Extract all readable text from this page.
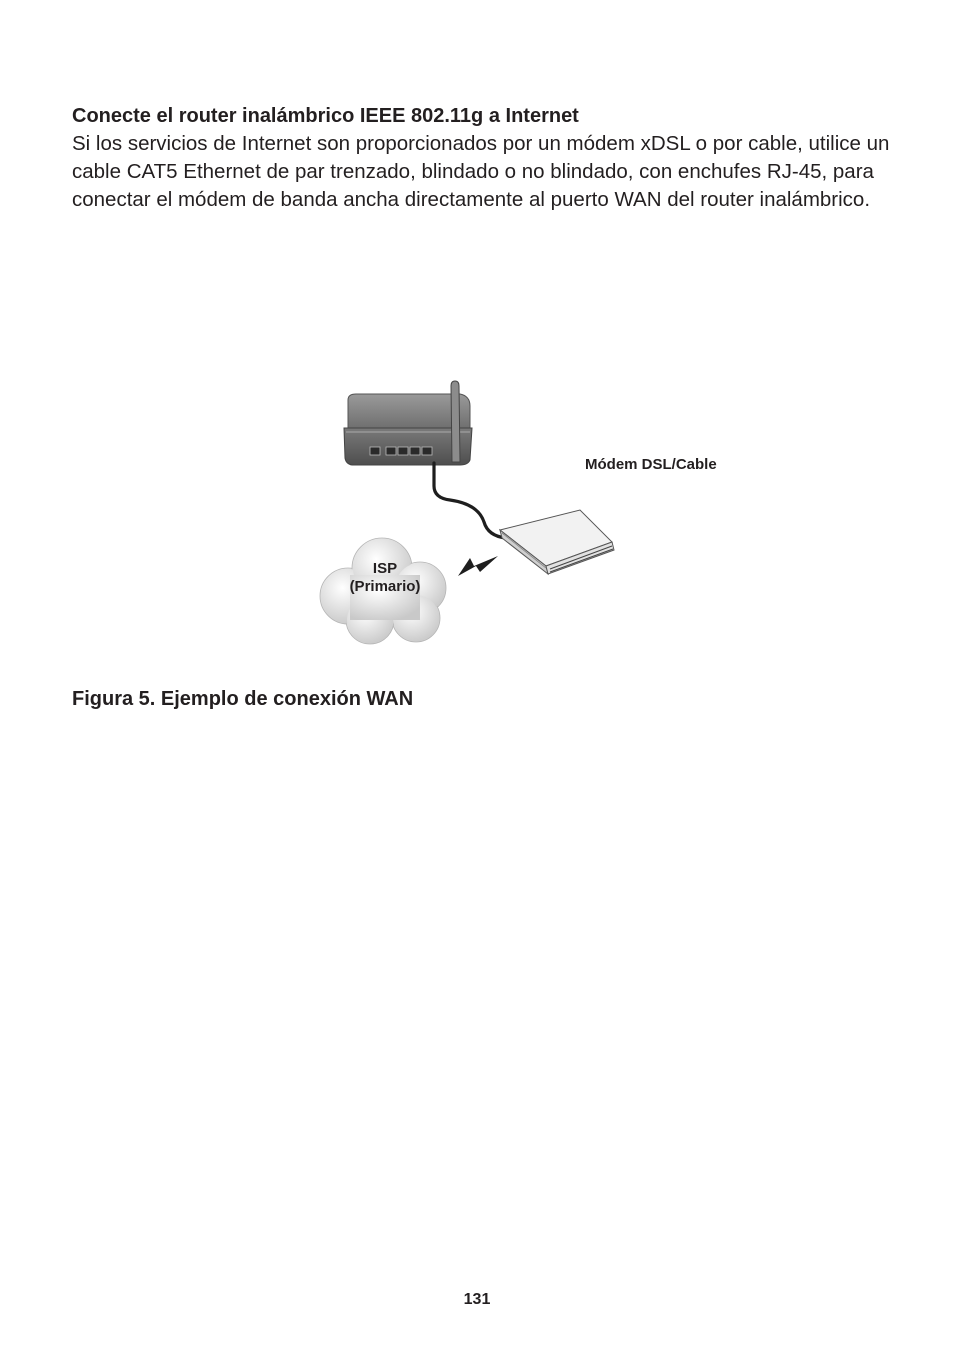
Conecte el router inalámbrico IEEE 802.11g a Internet

Si los servicios de Internet son proporcionados por un módem xDSL o por cable, utilice un cable CAT5 Ethernet de par trenzado, blindado o no blindado, con enchufes RJ-45, para conectar el módem de banda ancha directamente al puerto WAN del router inalámbrico.

Módem DSL/Cable
ISP
(Primario)

Figura 5. Ejemplo de conexión WAN

131
